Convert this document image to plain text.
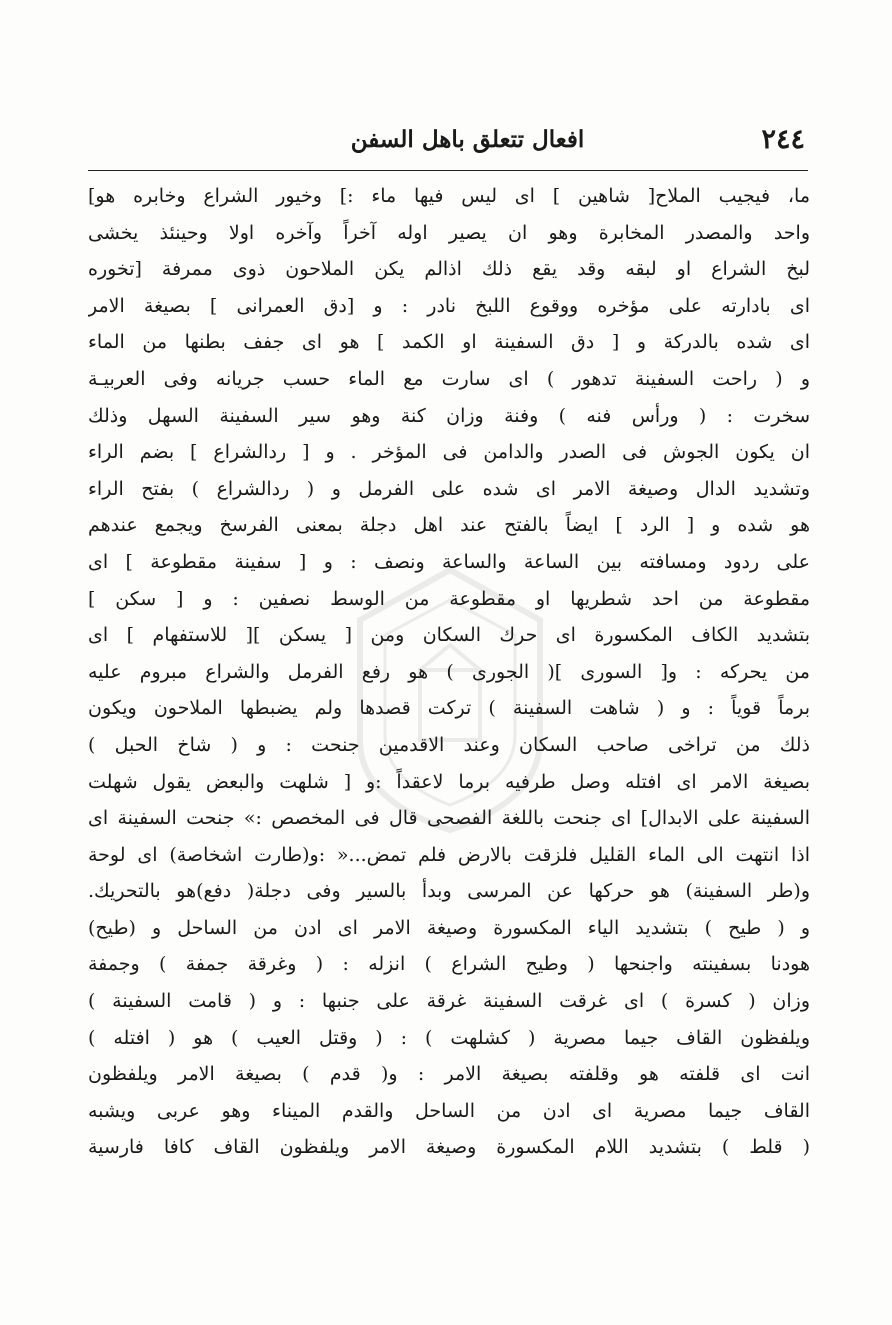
٢٤٤
افعال تتعلق باهل السفن
ما، فيجيب الملاح[ شاهين ] اى ليس فيها ماء :] وخيور الشراع وخابره هو]
واحد والمصدر المخابرة وهو ان يصير اوله آخراً وآخره اولا وحينئذ يخشى
لبخ الشراع او لبقه وقد يقع ذلك اذالم يكن الملاحون ذوى ممرفة [تخوره
اى بادارته على مؤخره ووقوع اللبخ نادر : و [دق العمرانى ] بصيغة الامر
اى شده بالدركة و [ دق السفينة او الكمد ] هو اى جفف بطنها من الماء
و ( راحت السفينة تدهور ) اى سارت مع الماء حسب جريانه وفى العربيـة
سخرت : ( ورأس فنه ) وفنة وزان كنة وهو سير السفينة السهل وذلك
ان يكون الجوش فى الصدر والدامن فى المؤخر . و [ ردالشراع ] بضم الراء
وتشديد الدال وصيغة الامر اى شده على الفرمل و ( ردالشراع ) بفتح الراء
هو شده و [ الرد ] ايضاً بالفتح عند اهل دجلة بمعنى الفرسخ ويجمع عندهم
على ردود ومسافته بين الساعة والساعة ونصف : و [ سفينة مقطوعة ] اى
مقطوعة من احد شطريها او مقطوعة من الوسط نصفين : و [ سكن ]
بتشديد الكاف المكسورة اى حرك السكان ومن [ يسكن ][ للاستفهام ] اى
من يحركه : و[ السورى ]( الجورى ) هو رفع الفرمل والشراع مبروم عليه
برماً قوياً : و ( شاهت السفينة ) تركت قصدها ولم يضبطها الملاحون ويكون
ذلك من تراخى صاحب السكان وعند الاقدمين جنحت : و ( شاخ الحبل )
بصيغة الامر اى افتله وصل طرفيه برما لاعقداً :و [ شلهت والبعض يقول شهلت
السفينة على الابدال] اى جنحت باللغة الفصحى قال فى المخصص :» جنحت السفينة اى
اذا انتهت الى الماء القليل فلزقت بالارض فلم تمض...« :و(طارت اشخاصة) اى لوحة
و(طر السفينة) هو حركها عن المرسى وبدأ بالسير وفى دجلة( دفع)هو بالتحريك.
و ( طيح ) بتشديد الياء المكسورة وصيغة الامر اى ادن من الساحل و (طيح)
هودنا بسفينته واجنحها ( وطيح الشراع ) انزله : ( وغرقة جمفة ) وجمفة
وزان ( كسرة ) اى غرقت السفينة غرقة على جنبها : و ( قامت السفينة )
ويلفظون القاف جيما مصرية ( كشلهت ) : ( وقتل العيب ) هو ( افتله )
انت اى قلفته هو وقلفته بصيغة الامر : و( قدم ) بصيغة الامر ويلفظون
القاف جيما مصرية اى ادن من الساحل والقدم الميناء وهو عربى ويشبه
( قلط ) بتشديد اللام المكسورة وصيغة الامر ويلفظون القاف كافا فارسية
